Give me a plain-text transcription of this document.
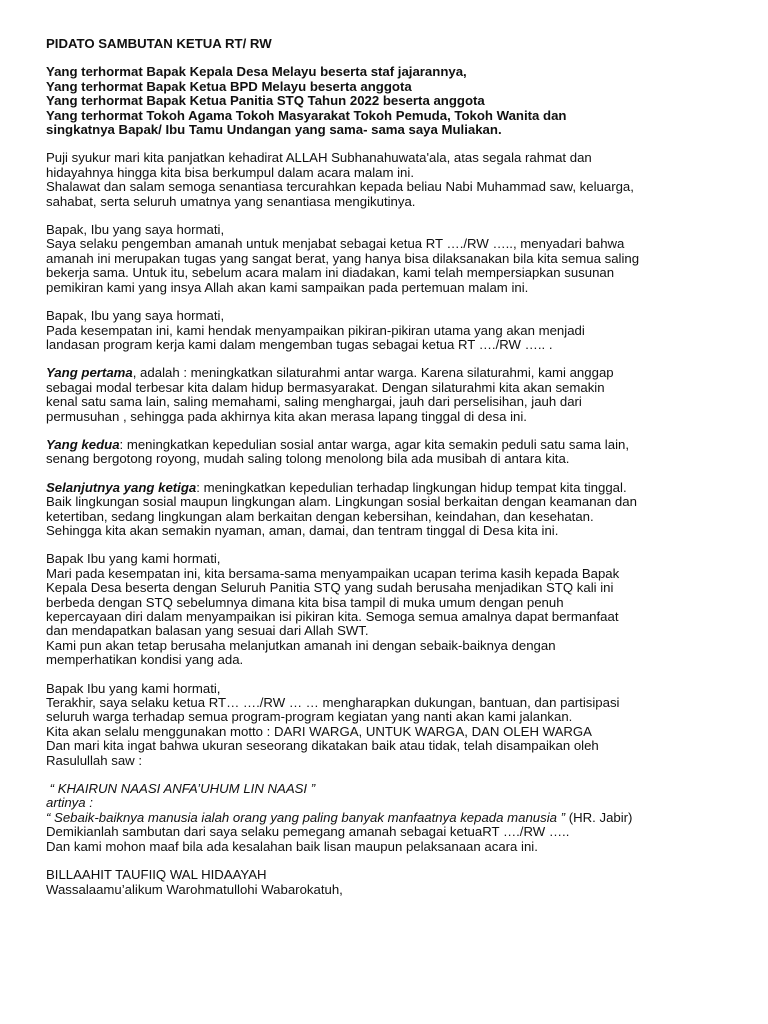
PIDATO SAMBUTAN KETUA RT/ RW
Yang terhormat Bapak Kepala Desa Melayu beserta staf jajarannya,
Yang terhormat Bapak Ketua BPD Melayu beserta anggota
Yang terhormat Bapak Ketua Panitia STQ Tahun 2022 beserta anggota
Yang terhormat Tokoh Agama Tokoh Masyarakat Tokoh Pemuda, Tokoh Wanita dan
singkatnya Bapak/ Ibu Tamu Undangan yang sama- sama saya Muliakan.
Puji syukur mari kita panjatkan kehadirat ALLAH Subhanahuwata'ala, atas segala rahmat dan
hidayahnya hingga kita bisa berkumpul dalam acara malam ini.
Shalawat dan salam semoga senantiasa tercurahkan kepada beliau Nabi Muhammad saw, keluarga,
sahabat, serta seluruh umatnya yang senantiasa mengikutinya.
Bapak, Ibu yang saya hormati,
Saya selaku pengemban amanah untuk menjabat sebagai ketua RT …./RW ….., menyadari bahwa
amanah ini merupakan tugas yang sangat berat, yang hanya bisa dilaksanakan bila kita semua saling
bekerja sama. Untuk itu, sebelum acara malam ini diadakan, kami telah mempersiapkan susunan
pemikiran kami yang insya Allah akan kami sampaikan pada pertemuan malam ini.
Bapak, Ibu yang saya hormati,
Pada kesempatan ini, kami hendak menyampaikan pikiran-pikiran utama yang akan menjadi
landasan program kerja kami dalam mengemban tugas sebagai ketua RT …./RW ….. .
Yang pertama, adalah : meningkatkan silaturahmi antar warga. Karena silaturahmi, kami anggap
sebagai modal terbesar kita dalam hidup bermasyarakat. Dengan silaturahmi kita akan semakin
kenal satu sama lain, saling memahami, saling menghargai, jauh dari perselisihan, jauh dari
permusuhan , sehingga pada akhirnya kita akan merasa lapang tinggal di desa ini.
Yang kedua: meningkatkan kepedulian sosial antar warga, agar kita semakin peduli satu sama lain,
senang bergotong royong, mudah saling tolong menolong bila ada musibah di antara kita.
Selanjutnya yang ketiga: meningkatkan kepedulian terhadap lingkungan hidup tempat kita tinggal.
Baik lingkungan sosial maupun lingkungan alam. Lingkungan sosial berkaitan dengan keamanan dan
ketertiban, sedang lingkungan alam berkaitan dengan kebersihan, keindahan, dan kesehatan.
Sehingga kita akan semakin nyaman, aman, damai, dan tentram tinggal di Desa kita ini.
Bapak Ibu yang kami hormati,
Mari pada kesempatan ini, kita bersama-sama menyampaikan ucapan terima kasih kepada Bapak
Kepala Desa beserta dengan Seluruh Panitia STQ yang sudah berusaha menjadikan STQ kali ini
berbeda dengan STQ sebelumnya dimana kita bisa tampil di muka umum dengan penuh
kepercayaan diri dalam menyampaikan isi pikiran kita. Semoga semua amalnya dapat bermanfaat
dan mendapatkan balasan yang sesuai dari Allah SWT.
Kami pun akan tetap berusaha melanjutkan amanah ini dengan sebaik-baiknya dengan
memperhatikan kondisi yang ada.
Bapak Ibu yang kami hormati,
Terakhir, saya selaku ketua RT… …./RW … … mengharapkan dukungan, bantuan, dan partisipasi
seluruh warga terhadap semua program-program kegiatan yang nanti akan kami jalankan.
Kita akan selalu menggunakan motto : DARI WARGA, UNTUK WARGA, DAN OLEH WARGA
Dan mari kita ingat bahwa ukuran seseorang dikatakan baik atau tidak, telah disampaikan oleh
Rasulullah saw :
“ KHAIRUN NAASI ANFA’UHUM LIN NAASI ”
artinya :
“ Sebaik-baiknya manusia ialah orang yang paling banyak manfaatnya kepada manusia ” (HR. Jabir)
Demikianlah sambutan dari saya selaku pemegang amanah sebagai ketuaRT …./RW …..
Dan kami mohon maaf bila ada kesalahan baik lisan maupun pelaksanaan acara ini.
BILLAAHIT TAUFIIQ WAL HIDAAYAH
Wassalaamu’alikum Warohmatullohi Wabarokatuh,
